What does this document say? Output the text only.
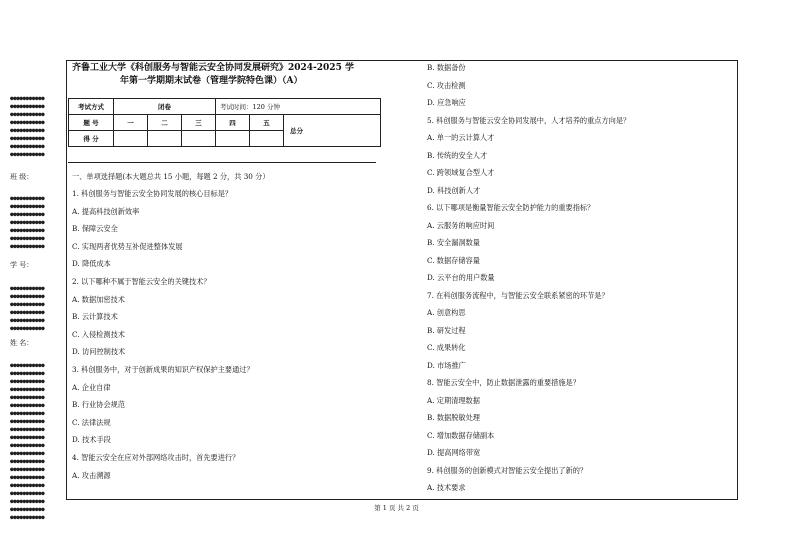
●●●●●●●●●●●
●●●●●●●●●●●
●●●●●●●●●●●
●●●●●●●●●●●
●●●●●●●●●●●
●●●●●●●●●●●
●●●●●●●●●●●
●●●●●●●●●●●
班 级：
●●●●●●●●●●●
●●●●●●●●●●●
●●●●●●●●●●●
●●●●●●●●●●●
●●●●●●●●●●●
●●●●●●●●●●●
●●●●●●●●●●●
学 号：
●●●●●●●●●●●
●●●●●●●●●●●
●●●●●●●●●●●
●●●●●●●●●●●
●●●●●●●●●●●
●●●●●●●●●●●
姓 名：
●●●●●●●●●●●
●●●●●●●●●●●
●●●●●●●●●●●
●●●●●●●●●●●
●●●●●●●●●●●
●●●●●●●●●●●
●●●●●●●●●●●
●●●●●●●●●●●
●●●●●●●●●●●
●●●●●●●●●●●
●●●●●●●●●●●
●●●●●●●●●●●
●●●●●●●●●●●
●●●●●●●●●●●
●●●●●●●●●●●
●●●●●●●●●●●
●●●●●●●●●●●
●●●●●●●●●●●
●●●●●●●●●●●
●●●●●●●●●●●
齐鲁工业大学《科创服务与智能云安全协同发展研究》2024-2025 学
年第一学期期末试卷（管理学院特色课）（A）
考试方式	闭卷			考试时间：120 分钟		
题 号	一	二	三	四	五	总分
得 分						
一、单项选择题(本大题总共 15 小题，每题 2 分，共 30 分）
1. 科创服务与智能云安全协同发展的核心目标是？
A. 提高科技创新效率
B. 保障云安全
C. 实现两者优势互补促进整体发展
D. 降低成本
2. 以下哪种不属于智能云安全的关键技术？
A. 数据加密技术
B. 云计算技术
C. 入侵检测技术
D. 访问控制技术
3. 科创服务中，对于创新成果的知识产权保护主要通过？
A. 企业自律
B. 行业协会规范
C. 法律法规
D. 技术手段
4. 智能云安全在应对外部网络攻击时，首先要进行？
A. 攻击溯源
B. 数据备份
C. 攻击检测
D. 应急响应
5. 科创服务与智能云安全协同发展中，人才培养的重点方向是？
A. 单一的云计算人才
B. 传统的安全人才
C. 跨领域复合型人才
D. 科技创新人才
6. 以下哪项是衡量智能云安全防护能力的重要指标？
A. 云服务的响应时间
B. 安全漏洞数量
C. 数据存储容量
D. 云平台的用户数量
7. 在科创服务流程中，与智能云安全联系紧密的环节是？
A. 创意构思
B. 研发过程
C. 成果转化
D. 市场推广
8. 智能云安全中，防止数据泄露的重要措施是？
A. 定期清理数据
B. 数据脱敏处理
C. 增加数据存储副本
D. 提高网络带宽
9. 科创服务的创新模式对智能云安全提出了新的？
A. 技术要求
第 1 页 共 2 页
